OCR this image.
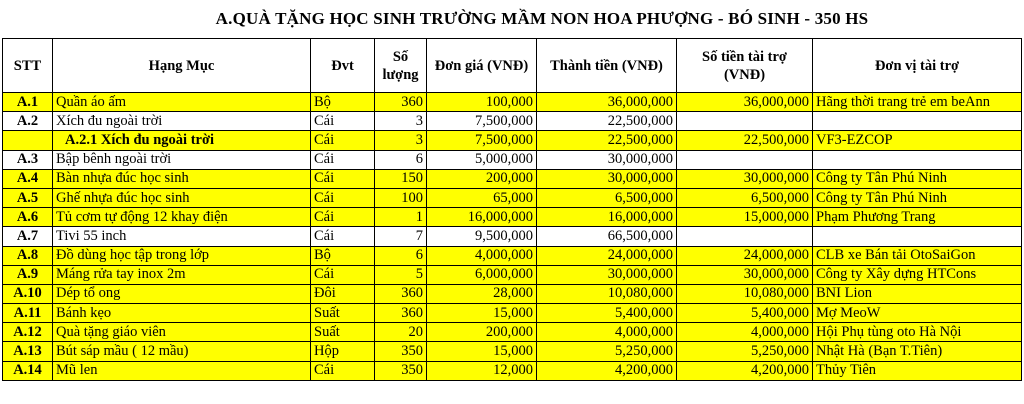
A.QUÀ TẶNG HỌC SINH TRƯỜNG MẦM NON HOA PHƯỢNG - BÓ SINH - 350 HS
STT	Hạng Mục	Đvt	Số lượng	Đơn giá (VNĐ)	Thành tiền (VNĐ)	Số tiền tài trợ (VNĐ)	Đơn vị tài trợ
A.1	Quần áo ấm	Bộ	360	100,000	36,000,000	36,000,000	Hãng thời trang trẻ em beAnn
A.2	Xích đu ngoài trời	Cái	3	7,500,000	22,500,000		
	A.2.1 Xích đu ngoài trời	Cái	3	7,500,000	22,500,000	22,500,000	VF3-EZCOP
A.3	Bập bênh ngoài trời	Cái	6	5,000,000	30,000,000		
A.4	Bàn nhựa đúc học sinh	Cái	150	200,000	30,000,000	30,000,000	Công ty Tân Phú Ninh
A.5	Ghế nhựa đúc học sinh	Cái	100	65,000	6,500,000	6,500,000	Công ty Tân Phú Ninh
A.6	Tủ cơm tự động 12 khay điện	Cái	1	16,000,000	16,000,000	15,000,000	Phạm Phương Trang
A.7	Tivi 55 inch	Cái	7	9,500,000	66,500,000		
A.8	Đồ dùng học tập trong lớp	Bộ	6	4,000,000	24,000,000	24,000,000	CLB xe Bán tải OtoSaiGon
A.9	Máng rửa tay inox 2m	Cái	5	6,000,000	30,000,000	30,000,000	Công ty Xây dựng HTCons
A.10	Dép tổ ong	Đôi	360	28,000	10,080,000	10,080,000	BNI Lion
A.11	Bánh kẹo	Suất	360	15,000	5,400,000	5,400,000	Mợ MeoW
A.12	Quà tặng giáo viên	Suất	20	200,000	4,000,000	4,000,000	Hội Phụ tùng oto Hà Nội
A.13	Bút sáp mầu ( 12 mầu)	Hộp	350	15,000	5,250,000	5,250,000	Nhật Hà (Bạn T.Tiên)
A.14	Mũ len	Cái	350	12,000	4,200,000	4,200,000	Thủy Tiên
